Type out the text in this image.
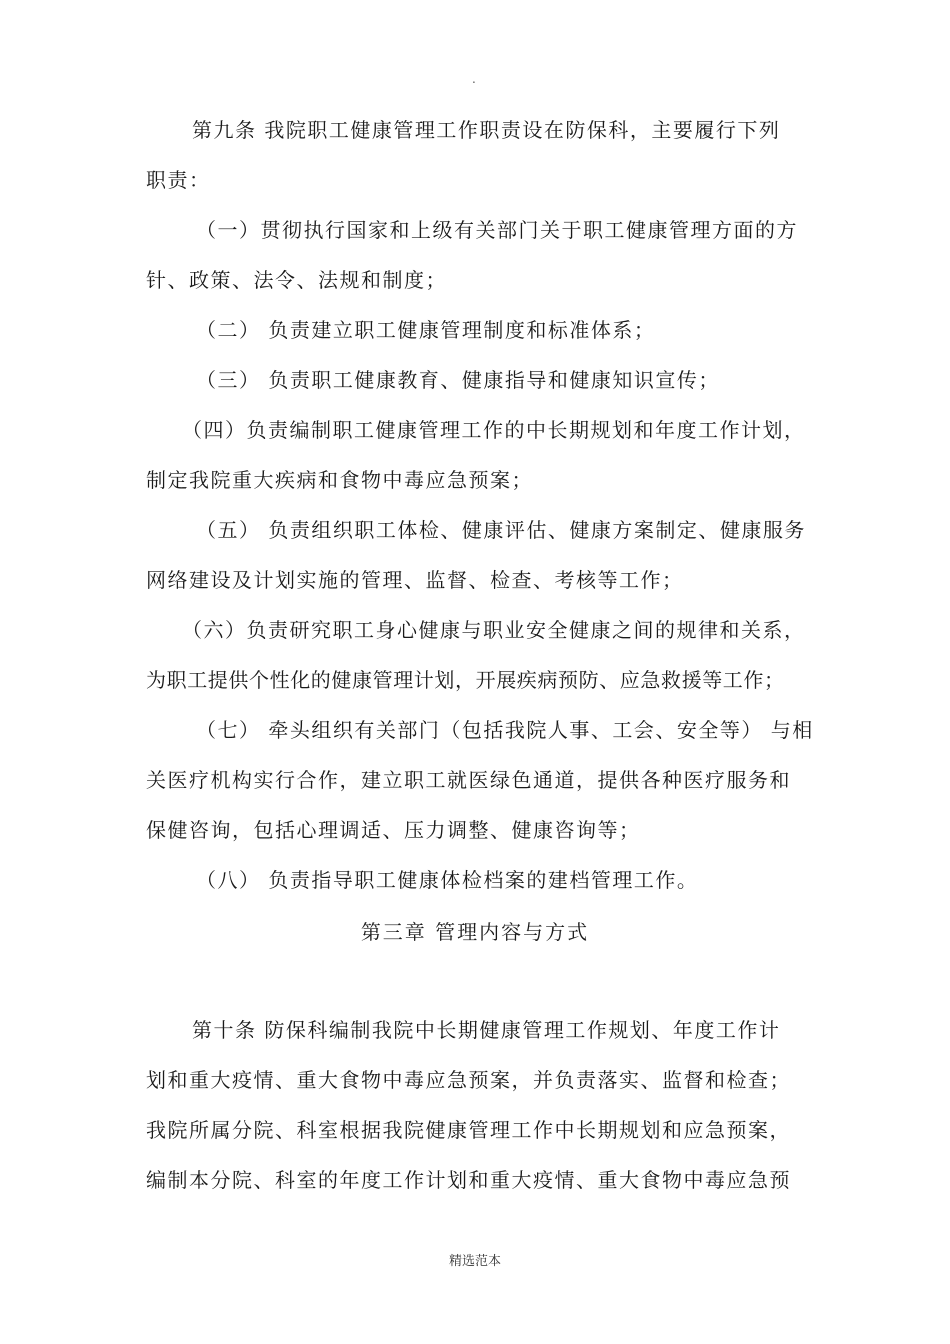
.
第九条 我院职工健康管理工作职责设在防保科，主要履行下列
职责：
（一）贯彻执行国家和上级有关部门关于职工健康管理方面的方
针、政策、法令、法规和制度；
（二） 负责建立职工健康管理制度和标准体系；
（三） 负责职工健康教育、健康指导和健康知识宣传；
（四）负责编制职工健康管理工作的中长期规划和年度工作计划，
制定我院重大疾病和食物中毒应急预案；
（五） 负责组织职工体检、健康评估、健康方案制定、健康服务
网络建设及计划实施的管理、监督、检查、考核等工作；
（六）负责研究职工身心健康与职业安全健康之间的规律和关系，
为职工提供个性化的健康管理计划，开展疾病预防、应急救援等工作；
（七） 牵头组织有关部门（包括我院人事、工会、安全等） 与相
关医疗机构实行合作，建立职工就医绿色通道，提供各种医疗服务和
保健咨询，包括心理调适、压力调整、健康咨询等；
（八） 负责指导职工健康体检档案的建档管理工作。
第三章 管理内容与方式
第十条 防保科编制我院中长期健康管理工作规划、年度工作计
划和重大疫情、重大食物中毒应急预案，并负责落实、监督和检查；
我院所属分院、科室根据我院健康管理工作中长期规划和应急预案，
编制本分院、科室的年度工作计划和重大疫情、重大食物中毒应急预
精选范本
